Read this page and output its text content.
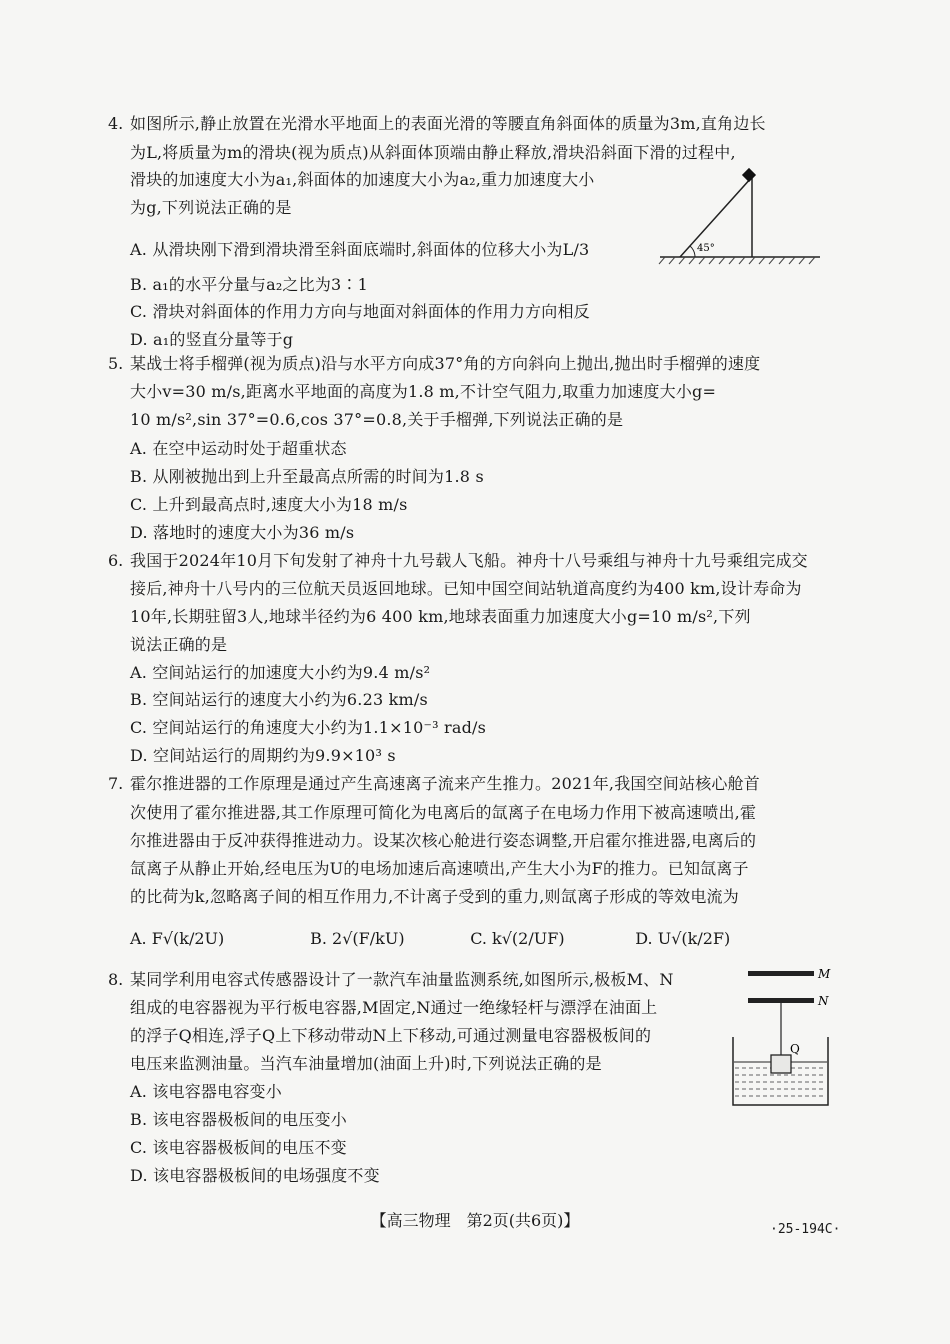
4. 如图所示,静止放置在光滑水平地面上的表面光滑的等腰直角斜面体的质量为3m,直角边长
为L,将质量为m的滑块(视为质点)从斜面体顶端由静止释放,滑块沿斜面下滑的过程中,
滑块的加速度大小为a₁,斜面体的加速度大小为a₂,重力加速度大小
为g,下列说法正确的是
A. 从滑块刚下滑到滑块滑至斜面底端时,斜面体的位移大小为L/3
B. a₁的水平分量与a₂之比为3∶1
C. 滑块对斜面体的作用力方向与地面对斜面体的作用力方向相反
D. a₁的竖直分量等于g
45°
5. 某战士将手榴弹(视为质点)沿与水平方向成37°角的方向斜向上抛出,抛出时手榴弹的速度
大小v=30 m/s,距离水平地面的高度为1.8 m,不计空气阻力,取重力加速度大小g=
10 m/s²,sin 37°=0.6,cos 37°=0.8,关于手榴弹,下列说法正确的是
A. 在空中运动时处于超重状态
B. 从刚被抛出到上升至最高点所需的时间为1.8 s
C. 上升到最高点时,速度大小为18 m/s
D. 落地时的速度大小为36 m/s
6. 我国于2024年10月下旬发射了神舟十九号载人飞船。神舟十八号乘组与神舟十九号乘组完成交
接后,神舟十八号内的三位航天员返回地球。已知中国空间站轨道高度约为400 km,设计寿命为
10年,长期驻留3人,地球半径约为6 400 km,地球表面重力加速度大小g=10 m/s²,下列
说法正确的是
A. 空间站运行的加速度大小约为9.4 m/s²
B. 空间站运行的速度大小约为6.23 km/s
C. 空间站运行的角速度大小约为1.1×10⁻³ rad/s
D. 空间站运行的周期约为9.9×10³ s
7. 霍尔推进器的工作原理是通过产生高速离子流来产生推力。2021年,我国空间站核心舱首
次使用了霍尔推进器,其工作原理可简化为电离后的氙离子在电场力作用下被高速喷出,霍
尔推进器由于反冲获得推进动力。设某次核心舱进行姿态调整,开启霍尔推进器,电离后的
氙离子从静止开始,经电压为U的电场加速后高速喷出,产生大小为F的推力。已知氙离子
的比荷为k,忽略离子间的相互作用力,不计离子受到的重力,则氙离子形成的等效电流为
A. F√(k/2U)	B. 2√(F/kU)	C. k√(2/UF)	D. U√(k/2F)
8. 某同学利用电容式传感器设计了一款汽车油量监测系统,如图所示,极板M、N
组成的电容器视为平行板电容器,M固定,N通过一绝缘轻杆与漂浮在油面上
的浮子Q相连,浮子Q上下移动带动N上下移动,可通过测量电容器极板间的
电压来监测油量。当汽车油量增加(油面上升)时,下列说法正确的是
A. 该电容器电容变小
B. 该电容器极板间的电压变小
C. 该电容器极板间的电压不变
D. 该电容器极板间的电场强度不变
M
N
Q
【高三物理　第2页(共6页)】	·25-194C·
